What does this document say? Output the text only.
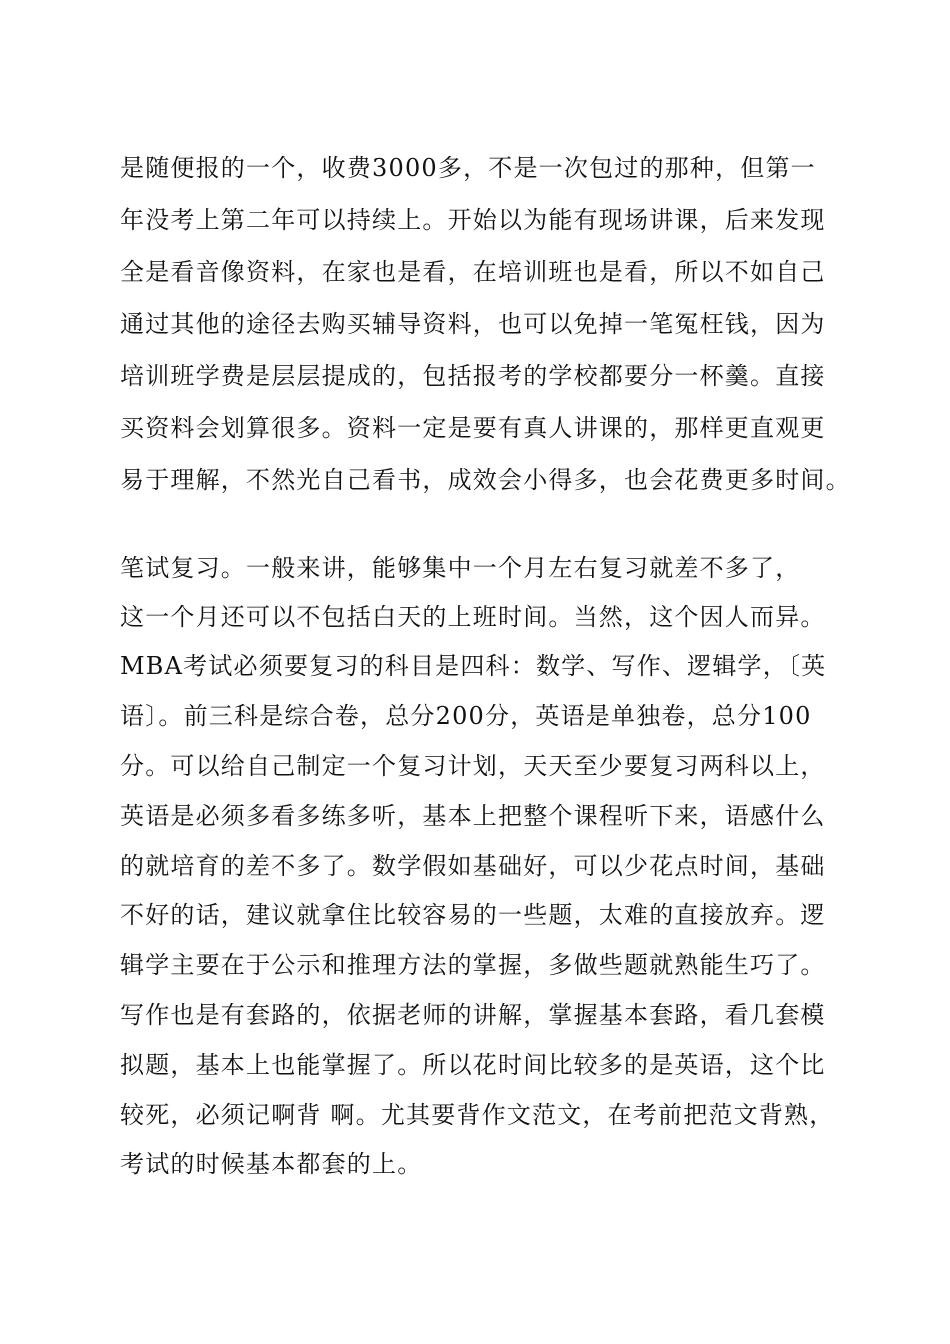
是随便报的一个，收费3000多，不是一次包过的那种，但第一
年没考上第二年可以持续上。开始以为能有现场讲课，后来发现
全是看音像资料，在家也是看，在培训班也是看，所以不如自己
通过其他的途径去购买辅导资料，也可以免掉一笔冤枉钱，因为
培训班学费是层层提成的，包括报考的学校都要分一杯羹。直接
买资料会划算很多。资料一定是要有真人讲课的，那样更直观更
易于理解，不然光自己看书，成效会小得多，也会花费更多时间。
笔试复习。一般来讲，能够集中一个月左右复习就差不多了，
这一个月还可以不包括白天的上班时间。当然，这个因人而异。
MBA考试必须要复习的科目是四科：数学、写作、逻辑学，〔英
语〕。前三科是综合卷，总分200分，英语是单独卷，总分100
分。可以给自己制定一个复习计划，天天至少要复习两科以上，
英语是必须多看多练多听，基本上把整个课程听下来，语感什么
的就培育的差不多了。数学假如基础好，可以少花点时间，基础
不好的话，建议就拿住比较容易的一些题，太难的直接放弃。逻
辑学主要在于公示和推理方法的掌握，多做些题就熟能生巧了。
写作也是有套路的，依据老师的讲解，掌握基本套路，看几套模
拟题，基本上也能掌握了。所以花时间比较多的是英语，这个比
较死，必须记啊背 啊。尤其要背作文范文，在考前把范文背熟，
考试的时候基本都套的上。
